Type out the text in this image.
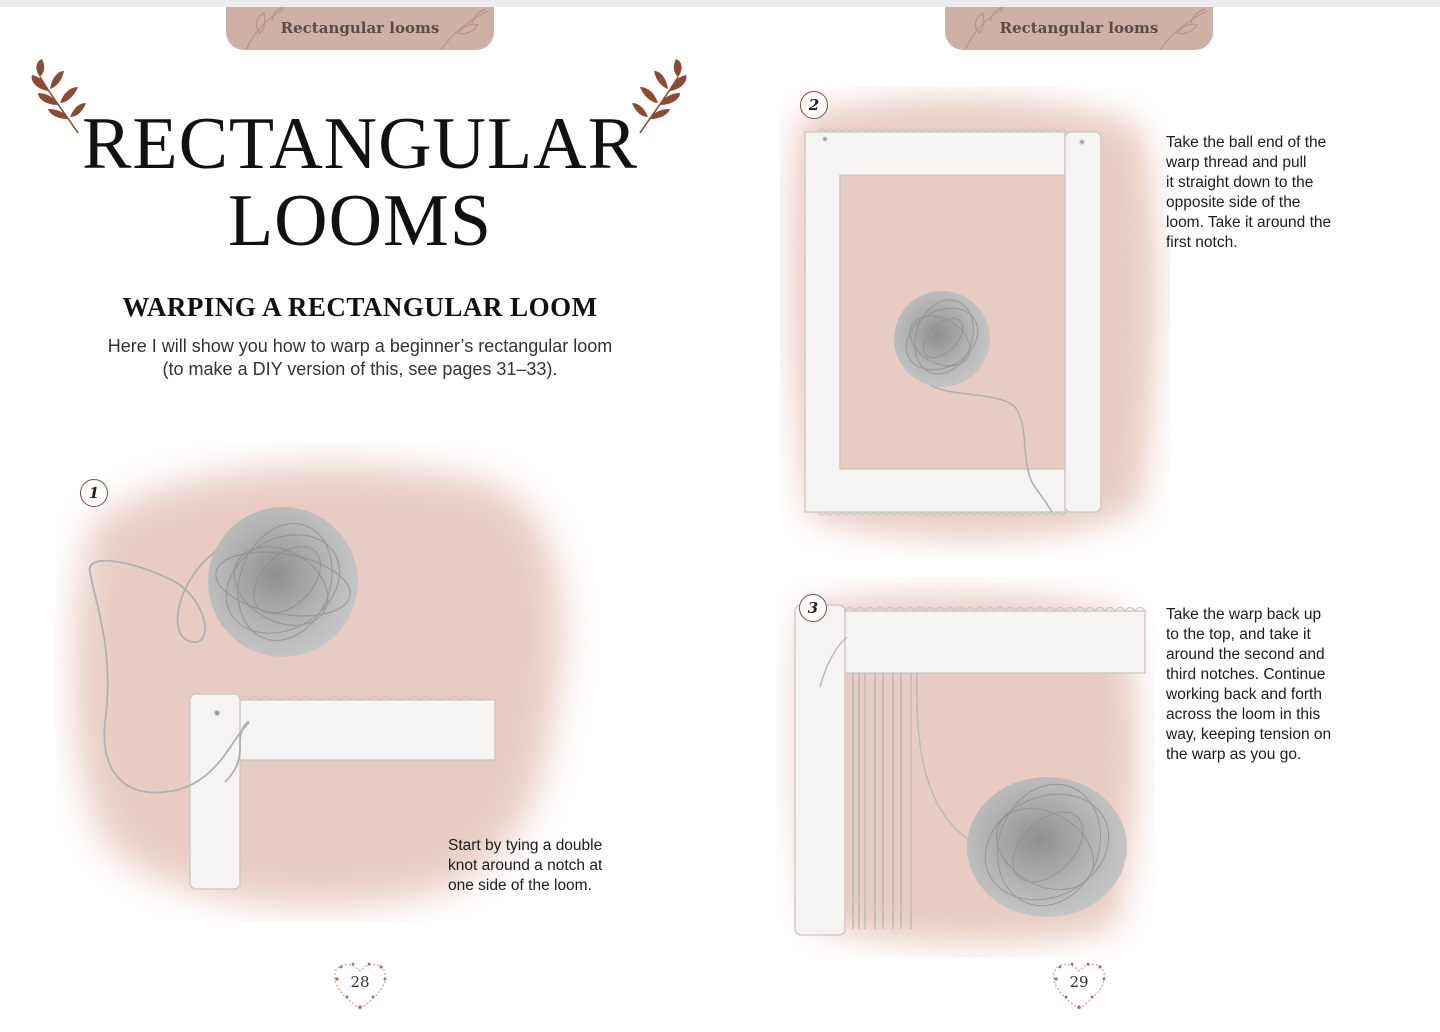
Rectangular looms
RECTANGULAR
LOOMS
WARPING A RECTANGULAR LOOM
Here I will show you how to warp a beginner’s rectangular loom
(to make a DIY version of this, see pages 31–33).
1
Start by tying a double
knot around a notch at
one side of the loom.
28
Rectangular looms
2
Take the ball end of the
warp thread and pull
it straight down to the
opposite side of the
loom. Take it around the
first notch.
3	Take the warp back up
to the top, and take it
around the second and
third notches. Continue
working back and forth
across the loom in this
way, keeping tension on
the warp as you go.
29
